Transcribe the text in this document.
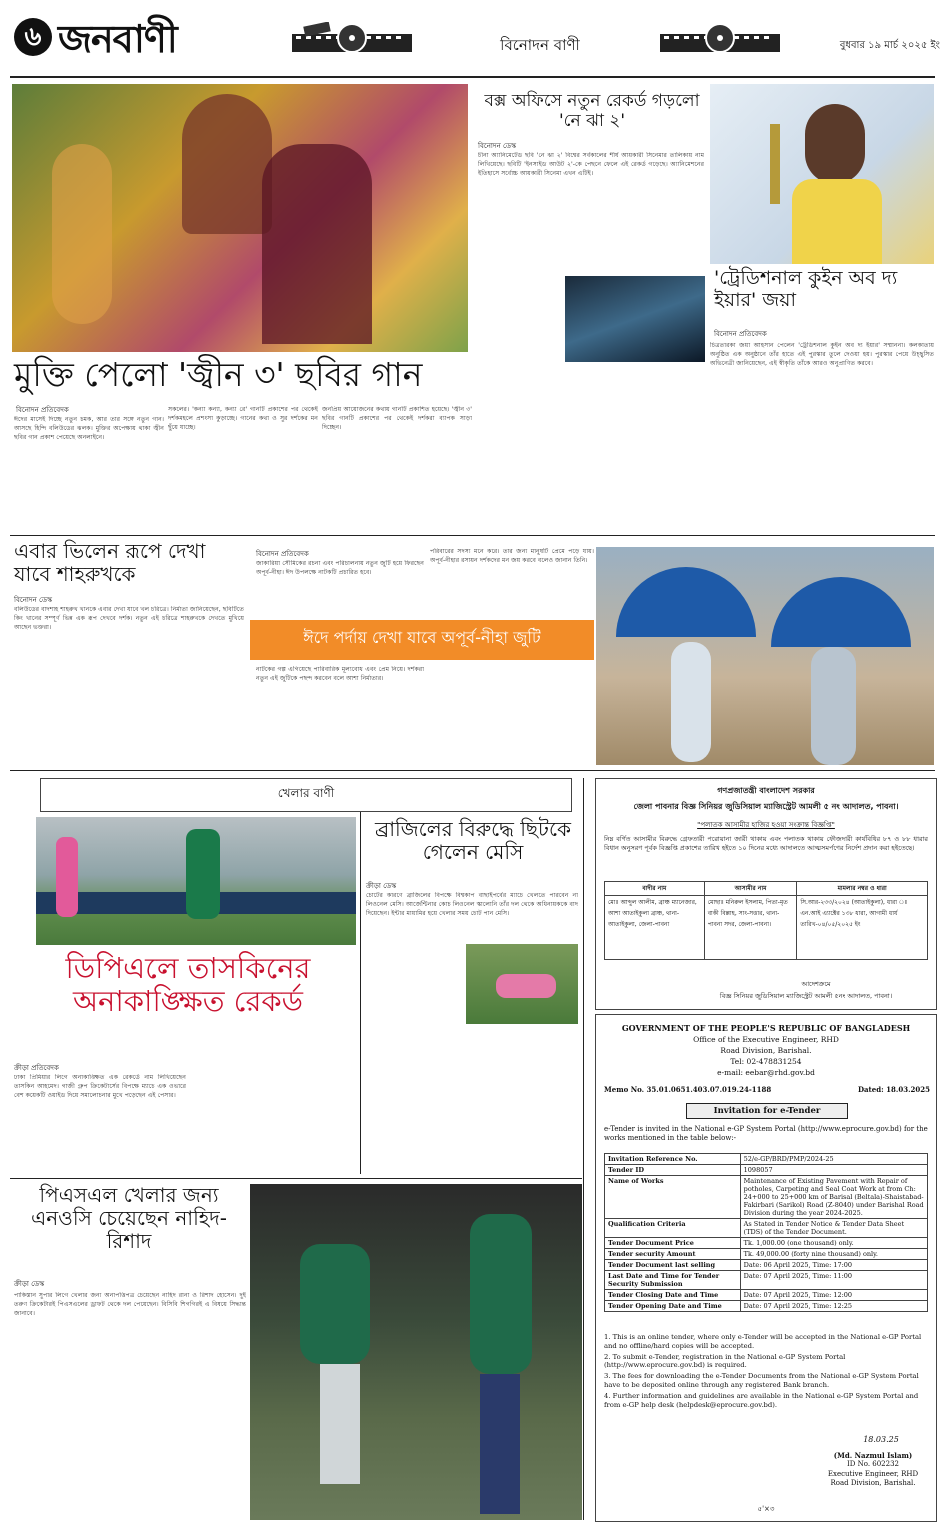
৬ জনবাণী	বিনোদন বাণী	বুধবার ১৯ মার্চ ২০২৫ ইং
মুক্তি পেলো 'জ্বীন ৩' ছবির গান
বিনোদন প্রতিবেদক
ঈদের মাসেই দিচ্ছে নতুন চমক, আর তার সঙ্গে নতুন গান। আসছে হিন্দি বলিউডের ঝলক। মুক্তির অপেক্ষায় থাকা জ্বীন ছবির গান প্রকাশ পেয়েছে অনলাইনে।
সকলের। 'কন্যা কন্যা, কন্যা রে' গানটি প্রকাশের পর থেকেই দর্শকমহলে প্রশংসা কুড়াচ্ছে। গানের কথা ও সুর দর্শকের মন ছুঁয়ে যাচ্ছে।
জনপ্রিয় আয়োজনের কথায় গানটি প্রকাশিত হয়েছে। 'জ্বীন ৩' ছবির গানটি প্রকাশের পর থেকেই দর্শকরা ব্যাপক সাড়া দিচ্ছেন।
বক্স অফিসে নতুন রেকর্ড গড়লো 'নে ঝা ২'
বিনোদন ডেস্ক
চীনা অ্যানিমেটেড ছবি 'নে ঝা ২' বিশ্বের সর্বকালের শীর্ষ আয়কারী সিনেমার তালিকায় নাম লিখিয়েছে। ছবিটি 'ইনসাইড আউট ২'-কে পেছনে ফেলে এই রেকর্ড গড়েছে। অ্যানিমেশনের ইতিহাসে সর্বোচ্চ আয়কারী সিনেমা এখন এটিই।
'ট্রেডিশনাল কুইন অব দ্য ইয়ার' জয়া
বিনোদন প্রতিবেদক
চিত্রতারকা জয়া আহসান পেলেন 'ট্রেডিশনাল কুইন অব দ্য ইয়ার' সম্মাননা। কলকাতায় অনুষ্ঠিত এক অনুষ্ঠানে তাঁর হাতে এই পুরস্কার তুলে দেওয়া হয়। পুরস্কার পেয়ে উচ্ছ্বসিত অভিনেত্রী জানিয়েছেন, এই স্বীকৃতি তাঁকে আরও অনুপ্রাণিত করবে।
এবার ভিলেন রূপে দেখা যাবে শাহরুখকে
বিনোদন ডেস্ক
বলিউডের বাদশাহ শাহরুখ খানকে এবার দেখা যাবে খল চরিত্রে। নির্মাতা জানিয়েছেন, ছবিটিতে কিং খানের সম্পূর্ণ ভিন্ন এক রূপ দেখবে দর্শক। নতুন এই চরিত্রে শাহরুখকে দেখতে মুখিয়ে আছেন ভক্তরা।
বিনোদন প্রতিবেদক
জাকারিয়া সৌমিকের রচনা এবং পরিচালনায় নতুন জুটি হয়ে ফিরছেন অপূর্ব-নীহা। ঈদ উপলক্ষে নাটকটি প্রচারিত হবে।
ঈদে পর্দায় দেখা যাবে অপূর্ব-নীহা জুটি
পরিবারের সদস্য মনে করে। তার জন্য মানুষটি প্রেমে পড়ে যায়। অপূর্ব-নীহার রসায়ন দর্শকদের মন জয় করবে বলেও জানান তিনি।
নাটকের গল্প এগিয়েছে পারিবারিক মূল্যবোধ এবং প্রেম নিয়ে। দর্শকরা নতুন এই জুটিকে পছন্দ করবেন বলে আশা নির্মাতার।
খেলার বাণী
ডিপিএলে তাসকিনের অনাকাঙ্ক্ষিত রেকর্ড
ক্রীড়া প্রতিবেদক
ঢাকা প্রিমিয়ার লিগে অনাকাঙ্ক্ষিত এক রেকর্ডে নাম লিখিয়েছেন তাসকিন আহমেদ। গাজী গ্রুপ ক্রিকেটার্সের বিপক্ষে ম্যাচে এক ওভারে বেশ কয়েকটি ওয়াইড দিয়ে সমালোচনার মুখে পড়েছেন এই পেসার।
ব্রাজিলের বিরুদ্ধে ছিটকে গেলেন মেসি
ক্রীড়া ডেস্ক
চোটের কারণে ব্রাজিলের বিপক্ষে বিশ্বকাপ বাছাইপর্বের ম্যাচে খেলতে পারবেন না লিওনেল মেসি। আর্জেন্টিনার কোচ লিওনেল স্কালোনি তাঁর দল থেকে অধিনায়ককে বাদ দিয়েছেন। ইন্টার মায়ামির হয়ে খেলার সময় চোট পান মেসি।
পিএসএল খেলার জন্য এনওসি চেয়েছেন নাহিদ-রিশাদ
ক্রীড়া ডেস্ক
পাকিস্তান সুপার লিগে খেলার জন্য অনাপত্তিপত্র চেয়েছেন নাহিদ রানা ও রিশাদ হোসেন। দুই তরুণ ক্রিকেটারই পিএসএলের ড্রাফট থেকে দল পেয়েছেন। বিসিবি শিগগিরই এ বিষয়ে সিদ্ধান্ত জানাবে।
গণপ্রজাতন্ত্রী বাংলাদেশ সরকার
জেলা পাবনার বিজ্ঞ সিনিয়র জুডিসিয়াল ম্যাজিস্ট্রেট আমলী ৫ নং আদালত, পাবনা।
"পলাতক আসামীর হাজির হওয়া সংক্রান্ত বিজ্ঞপ্তি"
নিম্ন বর্ণিত আসামীর বিরুদ্ধে গ্রেফতারী পরোয়ানা জারী থাকায় এবং পলাতক থাকায় ফৌজদারী কার্যবিধির ৮৭ ও ৮৮ ধারার বিধান অনুসরণ পূর্বক বিজ্ঞপ্তি প্রকাশের তারিখ হইতে ১০ দিনের মধ্যে আদালতে আত্মসমর্পণের নির্দেশ প্রদান করা হইতেছে।
বাদীর নাম	আসামীর নাম	মামলার নম্বর ও ধারা
মোঃ আব্দুল আলীম, ব্রাঞ্চ ম্যানেজার, আশা আতাইকুলা ব্রাঞ্চ, থানা-আতাইকুলা, জেলা-পাবনা	মোছাঃ মনিরুল ইসলাম, পিতা-মৃত বাকী বিল্লাহ, সাং-সত্তার, থানা-পাবনা সদর, জেলা-পাবনা।	সি.আর-২৩৩/২০২৪ (আতাইকুলা), ধারা ঃ এন.আই এ্যাক্টের ১৩৮ ধারা, আগামী ধার্য তারিখ-০৪/০৫/২০২৫ ইং
আদেশক্রমে
বিজ্ঞ সিনিয়র জুডিসিয়াল ম্যাজিস্ট্রেট আমলী ৫নং আদালত, পাবনা।
GOVERNMENT OF THE PEOPLE'S REPUBLIC OF BANGLADESH
Office of the Executive Engineer, RHD
Road Division, Barishal.
Tel: 02-478831254
e-mail: eebar@rhd.gov.bd
Memo No. 35.01.0651.403.07.019.24-1188	Dated: 18.03.2025
Invitation for e-Tender
e-Tender is invited in the National e-GP System Portal (http://www.eprocure.gov.bd) for the works mentioned in the table below:-
Invitation Reference No.	52/e-GP/BRD/PMP/2024-25
Tender ID	1098057
Name of Works	Maintenance of Existing Pavement with Repair of potholes, Carpeting and Seal Coat Work at from Ch: 24+000 to 25+000 km of Barisal (Beltala)-Shaistabad-Fakirbari (Sarikol) Road (Z-8040) under Barishal Road Division during the year 2024-2025.
Qualification Criteria	As Stated in Tender Notice & Tender Data Sheet (TDS) of the Tender Document.
Tender Document Price	Tk. 1,000.00 (one thousand) only.
Tender security Amount	Tk. 49,000.00 (forty nine thousand) only.
Tender Document last selling	Date: 06 April 2025, Time: 17:00
Last Date and Time for Tender Security Submission	Date: 07 April 2025, Time: 11:00
Tender Closing Date and Time	Date: 07 April 2025, Time: 12:00
Tender Opening Date and Time	Date: 07 April 2025, Time: 12:25
1. This is an online tender, where only e-Tender will be accepted in the National e-GP Portal and no offline/hard copies will be accepted.
2. To submit e-Tender, registration in the National e-GP System Portal (http://www.eprocure.gov.bd) is required.
3. The fees for downloading the e-Tender Documents from the National e-GP System Portal have to be deposited online through any registered Bank branch.
4. Further information and guidelines are available in the National e-GP System Portal and from e-GP help desk (helpdesk@eprocure.gov.bd).
18.03.25
(Md. Nazmul Islam)
ID No. 602232
Executive Engineer, RHD
Road Division, Barishal.
৫'×৩
